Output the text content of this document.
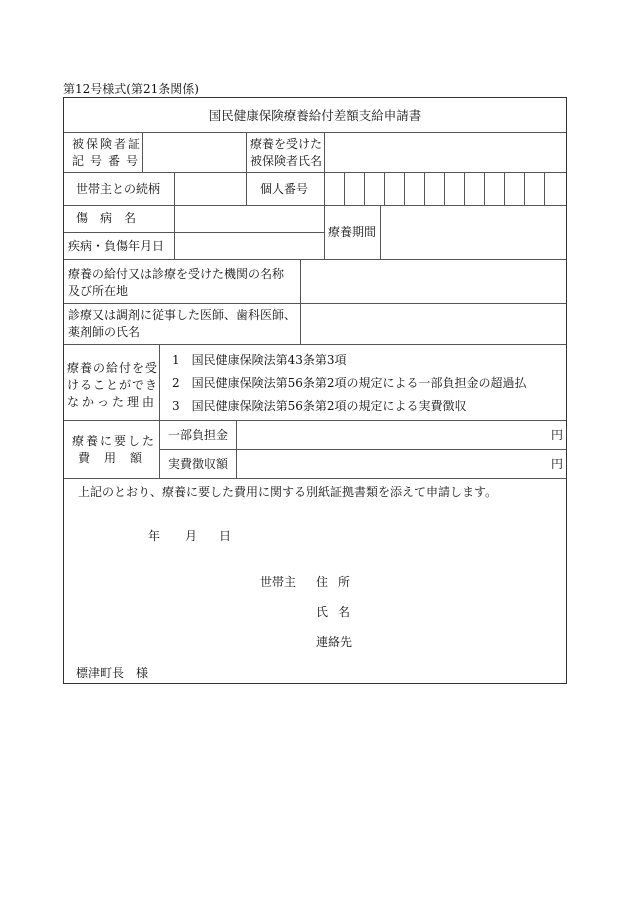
第12号様式(第21条関係)
国民健康保険療養給付差額支給申請書
被保険者証
記号番号
療養を受けた
被保険者氏名
世帯主との続柄	個人番号
傷病名
疾病・負傷年月日
療養期間
療養の給付又は診療を受けた機関の名称
及び所在地
診療又は調剤に従事した医師、歯科医師、
薬剤師の氏名
療養の給付を受
けることができ
なかった理由
1　国民健康保険法第43条第3項
2　国民健康保険法第56条第2項の規定による一部負担金の超過払
3　国民健康保険法第56条第2項の規定による実費徴収
療養に要した
費用額
一部負担金
実費徴収額
円
円
上記のとおり、療養に要した費用に関する別紙証拠書類を添えて申請します。
年 月 日
世帯主 住所
氏名
連絡先
標津町長　様
